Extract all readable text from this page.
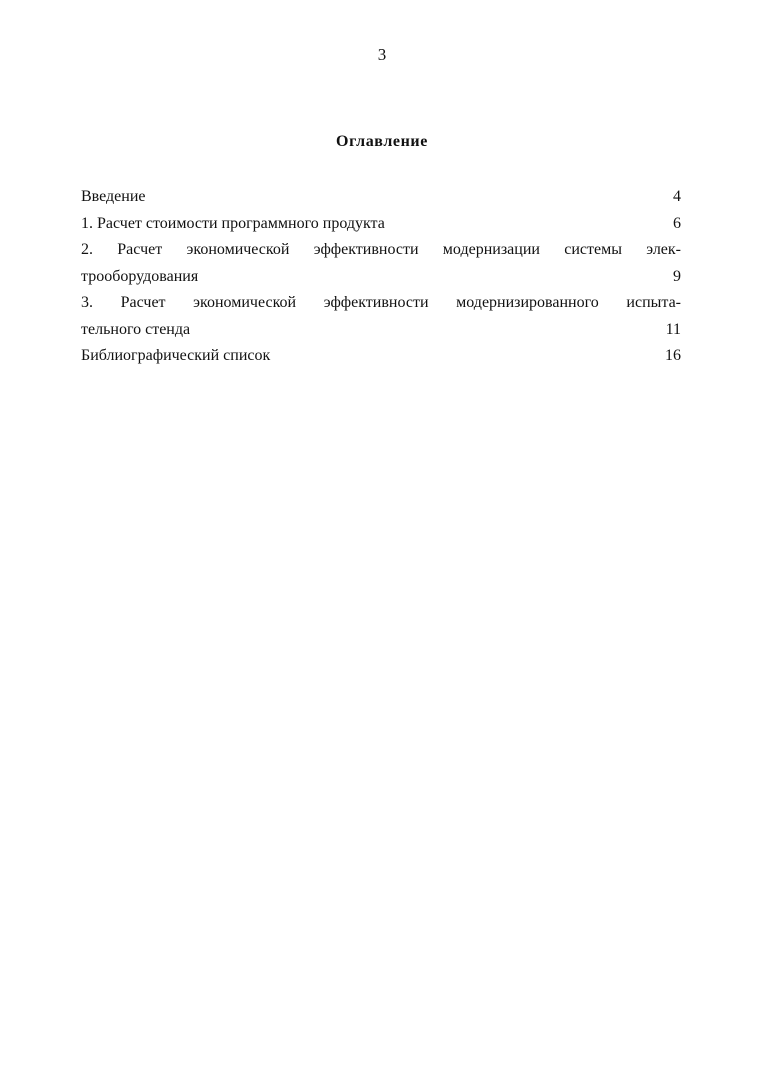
3
Оглавление
Введение	4
1. Расчет стоимости программного продукта	6
2. Расчет экономической эффективности модернизации системы элек-
трооборудования	9
3. Расчет экономической эффективности модернизированного испыта-
тельного стенда	11
Библиографический список	16
